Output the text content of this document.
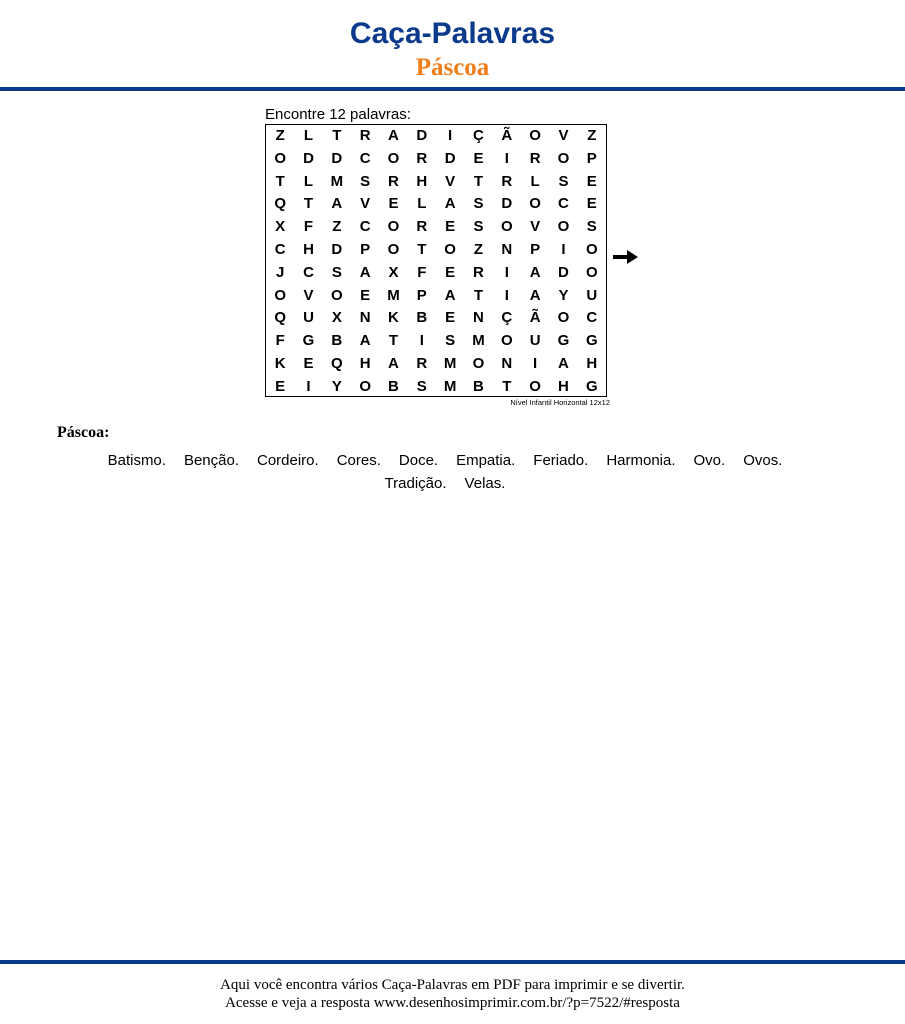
Caça-Palavras
Páscoa
Encontre 12 palavras:
Z	L	T	R	A	D	I	Ç	Ã	O	V	Z
O	D	D	C	O	R	D	E	I	R	O	P
T	L	M	S	R	H	V	T	R	L	S	E
Q	T	A	V	E	L	A	S	D	O	C	E
X	F	Z	C	O	R	E	S	O	V	O	S
C	H	D	P	O	T	O	Z	N	P	I	O
J	C	S	A	X	F	E	R	I	A	D	O
O	V	O	E	M	P	A	T	I	A	Y	U
Q	U	X	N	K	B	E	N	Ç	Ã	O	C
F	G	B	A	T	I	S	M	O	U	G	G
K	E	Q	H	A	R	M	O	N	I	A	H
E	I	Y	O	B	S	M	B	T	O	H	G
Nível Infantil Horizontal 12x12
Páscoa:
Batismo. Benção. Cordeiro. Cores. Doce. Empatia. Feriado. Harmonia. Ovo. Ovos.
Tradição. Velas.
Aqui você encontra vários Caça-Palavras em PDF para imprimir e se divertir.
Acesse e veja a resposta www.desenhosimprimir.com.br/?p=7522/#resposta
